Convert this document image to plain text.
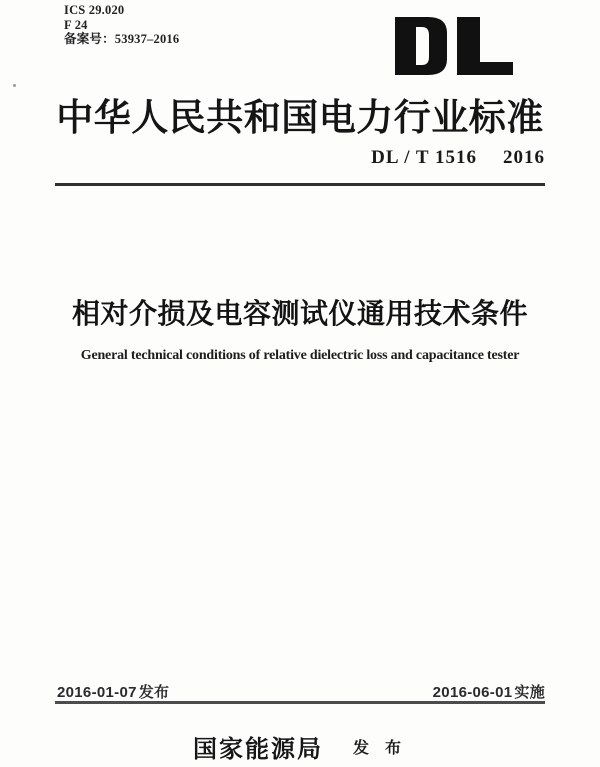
ICS 29.020
F 24
备案号：53937–2016
中华人民共和国电力行业标准
DL / T 1516 2016
相对介损及电容测试仪通用技术条件
General technical conditions of relative dielectric loss and capacitance tester
2016-01-07 发布	2016-06-01 实施
国家能源局 发 布
